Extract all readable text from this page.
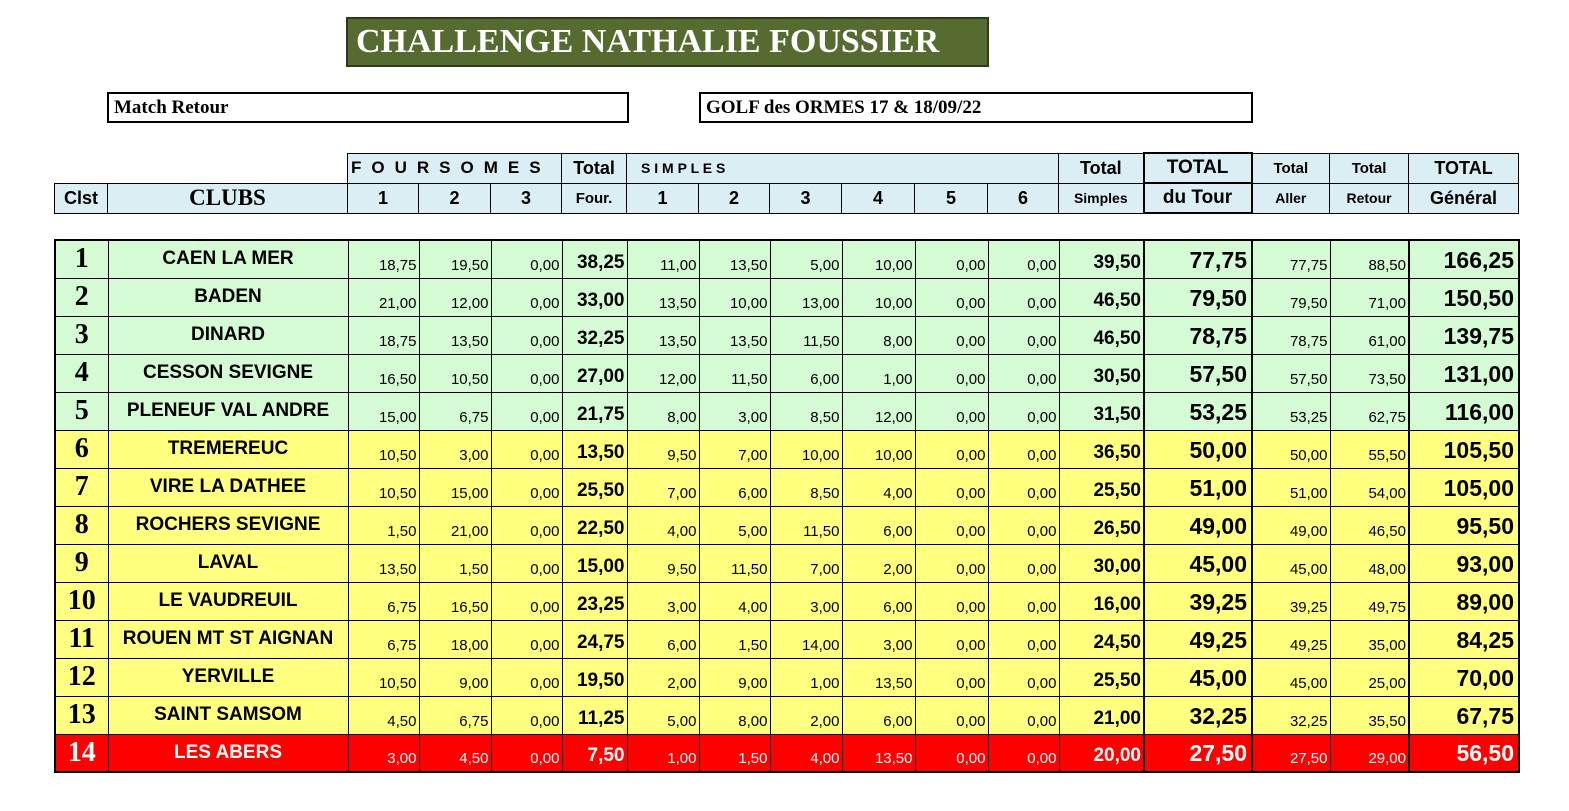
CHALLENGE NATHALIE FOUSSIER
Match Retour	GOLF des ORMES 17 & 18/09/22
		FOURSOMES			Total	S I M P L E S						Total	TOTAL	Total	Total	TOTAL
Clst	CLUBS	1	2	3	Four.	1	2	3	4	5	6	Simples	du Tour	Aller	Retour	Général
1	CAEN LA MER	18,75	19,50	0,00	38,25	11,00	13,50	5,00	10,00	0,00	0,00	39,50	77,75	77,75	88,50	166,25
2	BADEN	21,00	12,00	0,00	33,00	13,50	10,00	13,00	10,00	0,00	0,00	46,50	79,50	79,50	71,00	150,50
3	DINARD	18,75	13,50	0,00	32,25	13,50	13,50	11,50	8,00	0,00	0,00	46,50	78,75	78,75	61,00	139,75
4	CESSON SEVIGNE	16,50	10,50	0,00	27,00	12,00	11,50	6,00	1,00	0,00	0,00	30,50	57,50	57,50	73,50	131,00
5	PLENEUF VAL ANDRE	15,00	6,75	0,00	21,75	8,00	3,00	8,50	12,00	0,00	0,00	31,50	53,25	53,25	62,75	116,00
6	TREMEREUC	10,50	3,00	0,00	13,50	9,50	7,00	10,00	10,00	0,00	0,00	36,50	50,00	50,00	55,50	105,50
7	VIRE LA DATHEE	10,50	15,00	0,00	25,50	7,00	6,00	8,50	4,00	0,00	0,00	25,50	51,00	51,00	54,00	105,00
8	ROCHERS SEVIGNE	1,50	21,00	0,00	22,50	4,00	5,00	11,50	6,00	0,00	0,00	26,50	49,00	49,00	46,50	95,50
9	LAVAL	13,50	1,50	0,00	15,00	9,50	11,50	7,00	2,00	0,00	0,00	30,00	45,00	45,00	48,00	93,00
10	LE VAUDREUIL	6,75	16,50	0,00	23,25	3,00	4,00	3,00	6,00	0,00	0,00	16,00	39,25	39,25	49,75	89,00
11	ROUEN MT ST AIGNAN	6,75	18,00	0,00	24,75	6,00	1,50	14,00	3,00	0,00	0,00	24,50	49,25	49,25	35,00	84,25
12	YERVILLE	10,50	9,00	0,00	19,50	2,00	9,00	1,00	13,50	0,00	0,00	25,50	45,00	45,00	25,00	70,00
13	SAINT SAMSOM	4,50	6,75	0,00	11,25	5,00	8,00	2,00	6,00	0,00	0,00	21,00	32,25	32,25	35,50	67,75
14	LES ABERS	3,00	4,50	0,00	7,50	1,00	1,50	4,00	13,50	0,00	0,00	20,00	27,50	27,50	29,00	56,50
